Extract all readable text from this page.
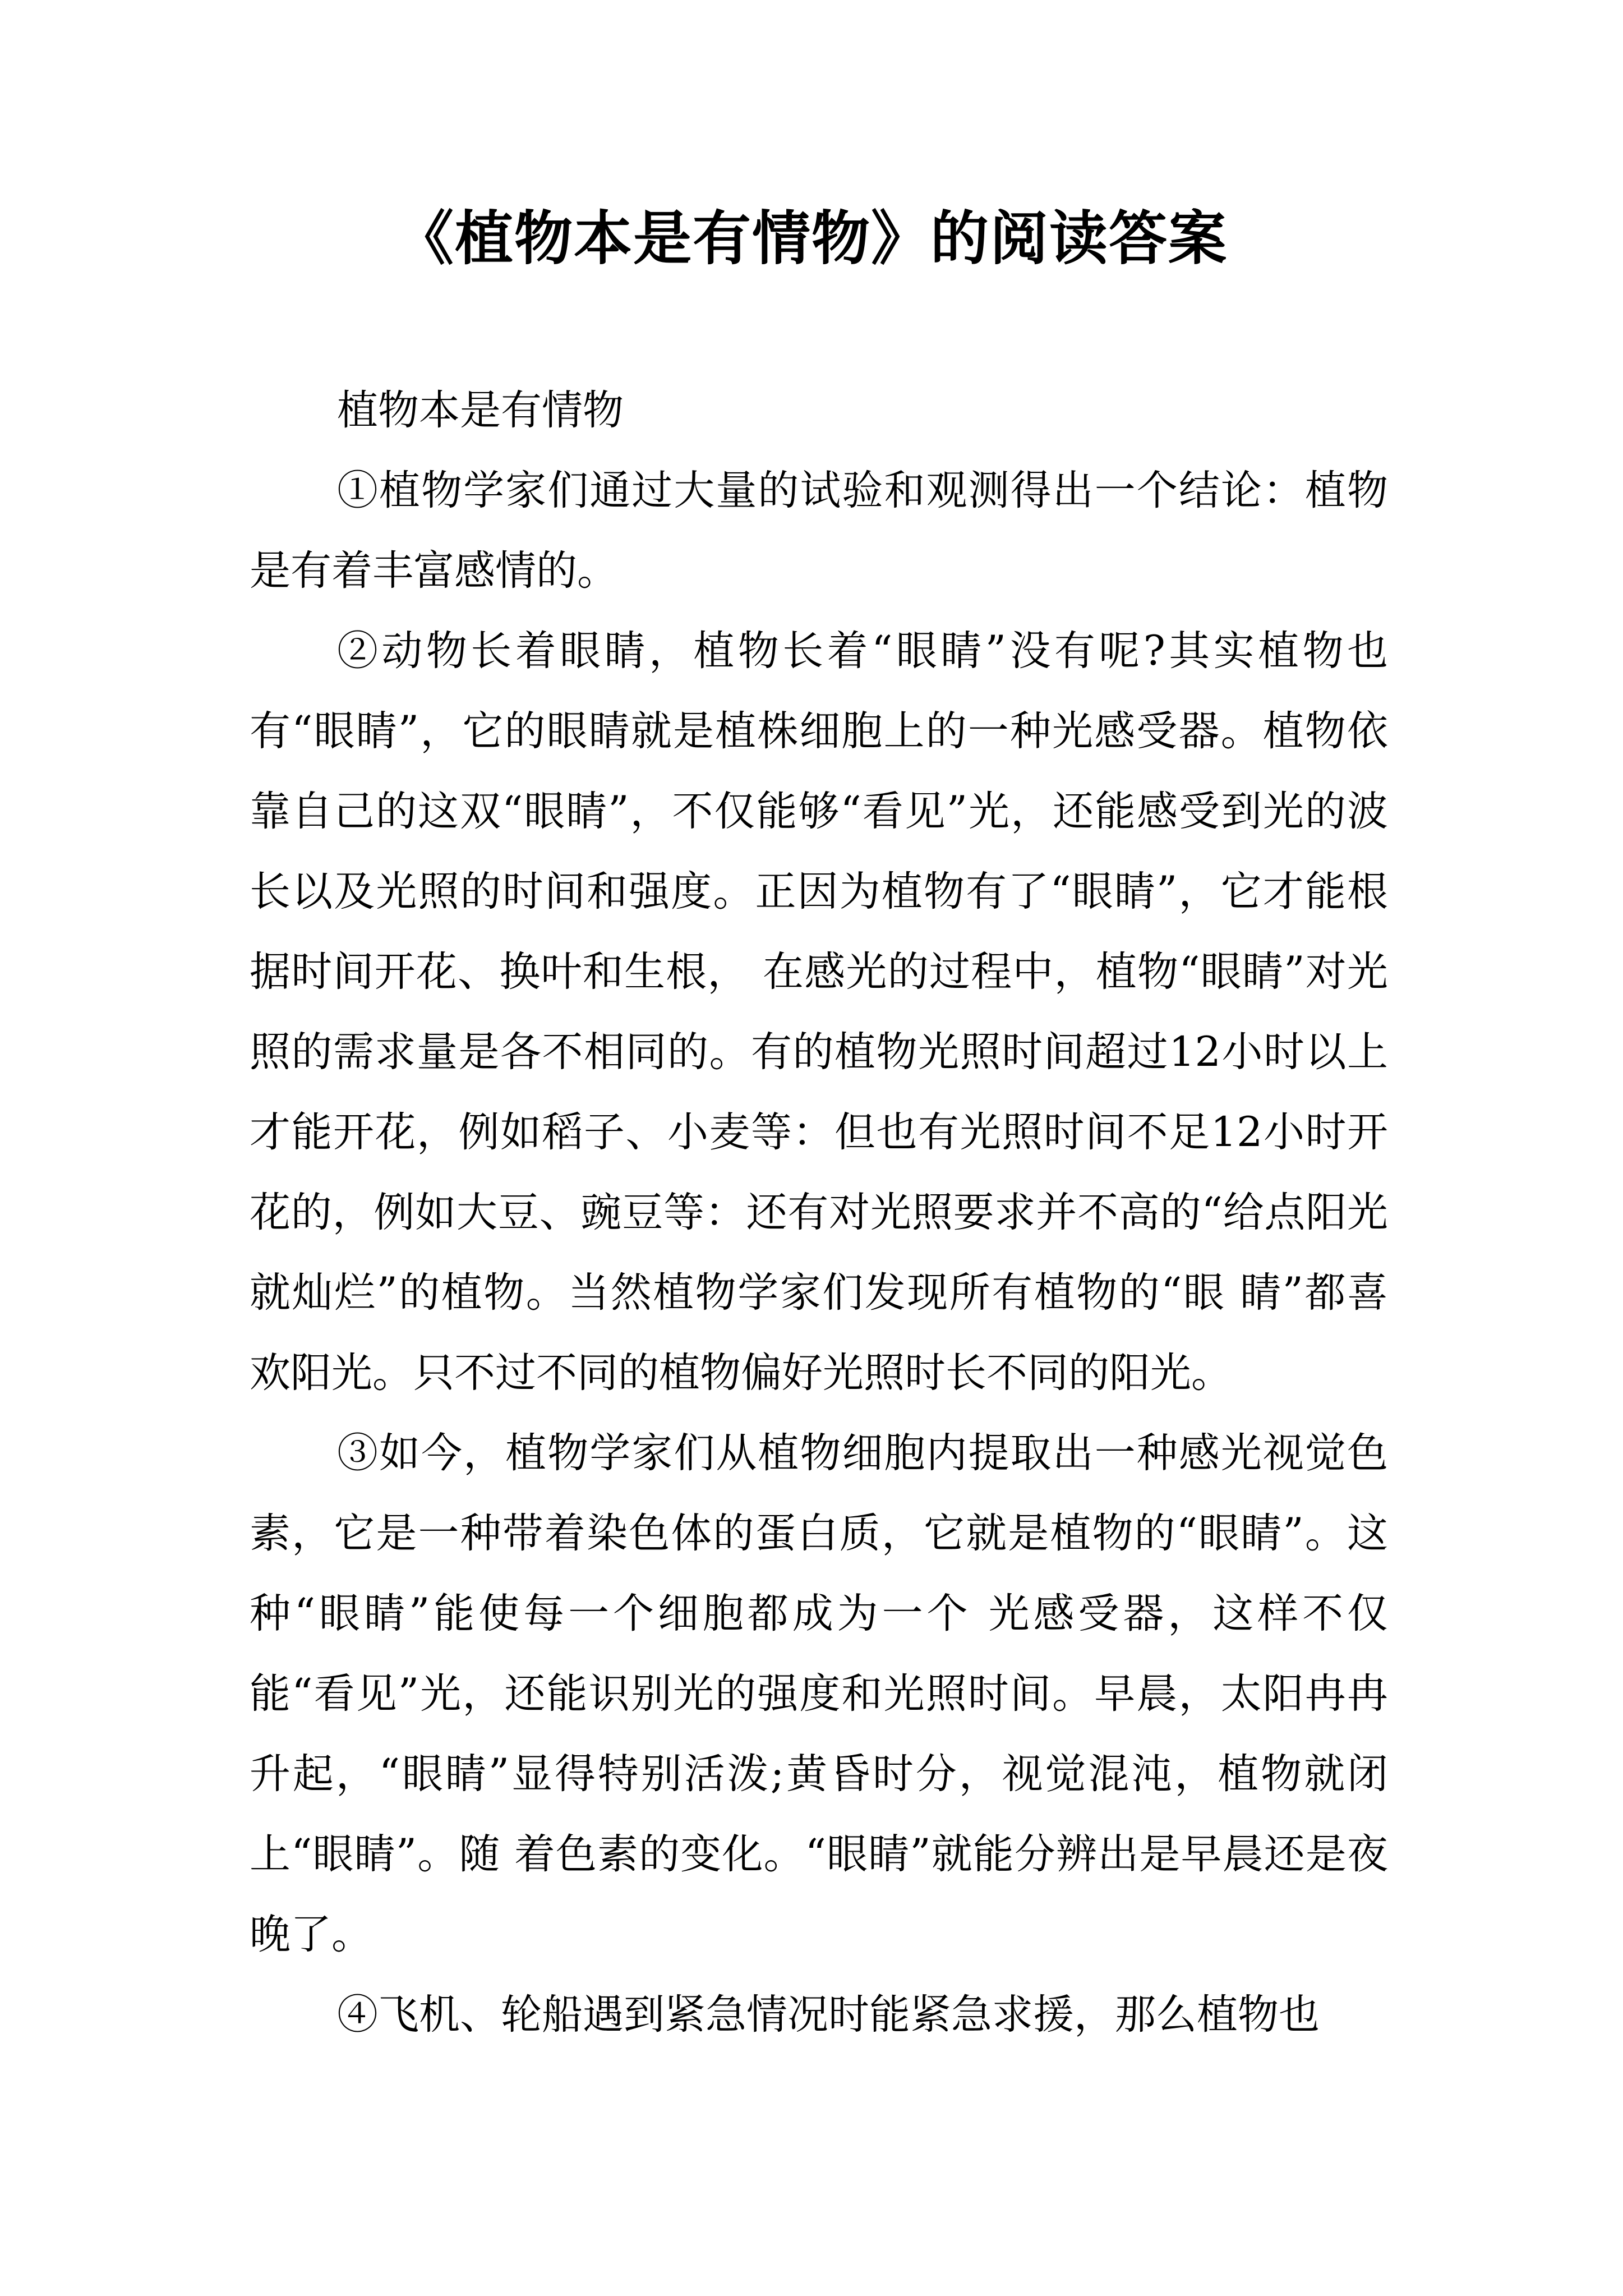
《植物本是有情物》的阅读答案

植物本是有情物

①植物学家们通过大量的试验和观测得出一个结论：植物是有着丰富感情的。

②动物长着眼睛，植物长着“眼睛”没有呢?其实植物也有“眼睛”，它的眼睛就是植株细胞上的一种光感受器。植物依靠自己的这双“眼睛”，不仅能够“看见”光，还能感受到光的波长以及光照的时间和强度。正因为植物有了“眼睛”，它才能根据时间开花、换叶和生根， 在感光的过程中，植物“眼睛”对光照的需求量是各不相同的。有的植物光照时间超过12小时以上才能开花，例如稻子、小麦等：但也有光照时间不足12小时开花的，例如大豆、豌豆等：还有对光照要求并不高的“给点阳光就灿烂”的植物。当然植物学家们发现所有植物的“眼 睛”都喜欢阳光。只不过不同的植物偏好光照时长不同的阳光。

③如今，植物学家们从植物细胞内提取出一种感光视觉色素，它是一种带着染色体的蛋白质，它就是植物的“眼睛”。这种“眼睛”能使每一个细胞都成为一个 光感受器，这样不仅能“看见”光，还能识别光的强度和光照时间。早晨，太阳冉冉升起，“眼睛”显得特别活泼;黄昏时分，视觉混沌，植物就闭上“眼睛”。随 着色素的变化。“眼睛”就能分辨出是早晨还是夜晚了。

④飞机、轮船遇到紧急情况时能紧急求援，那么植物也
